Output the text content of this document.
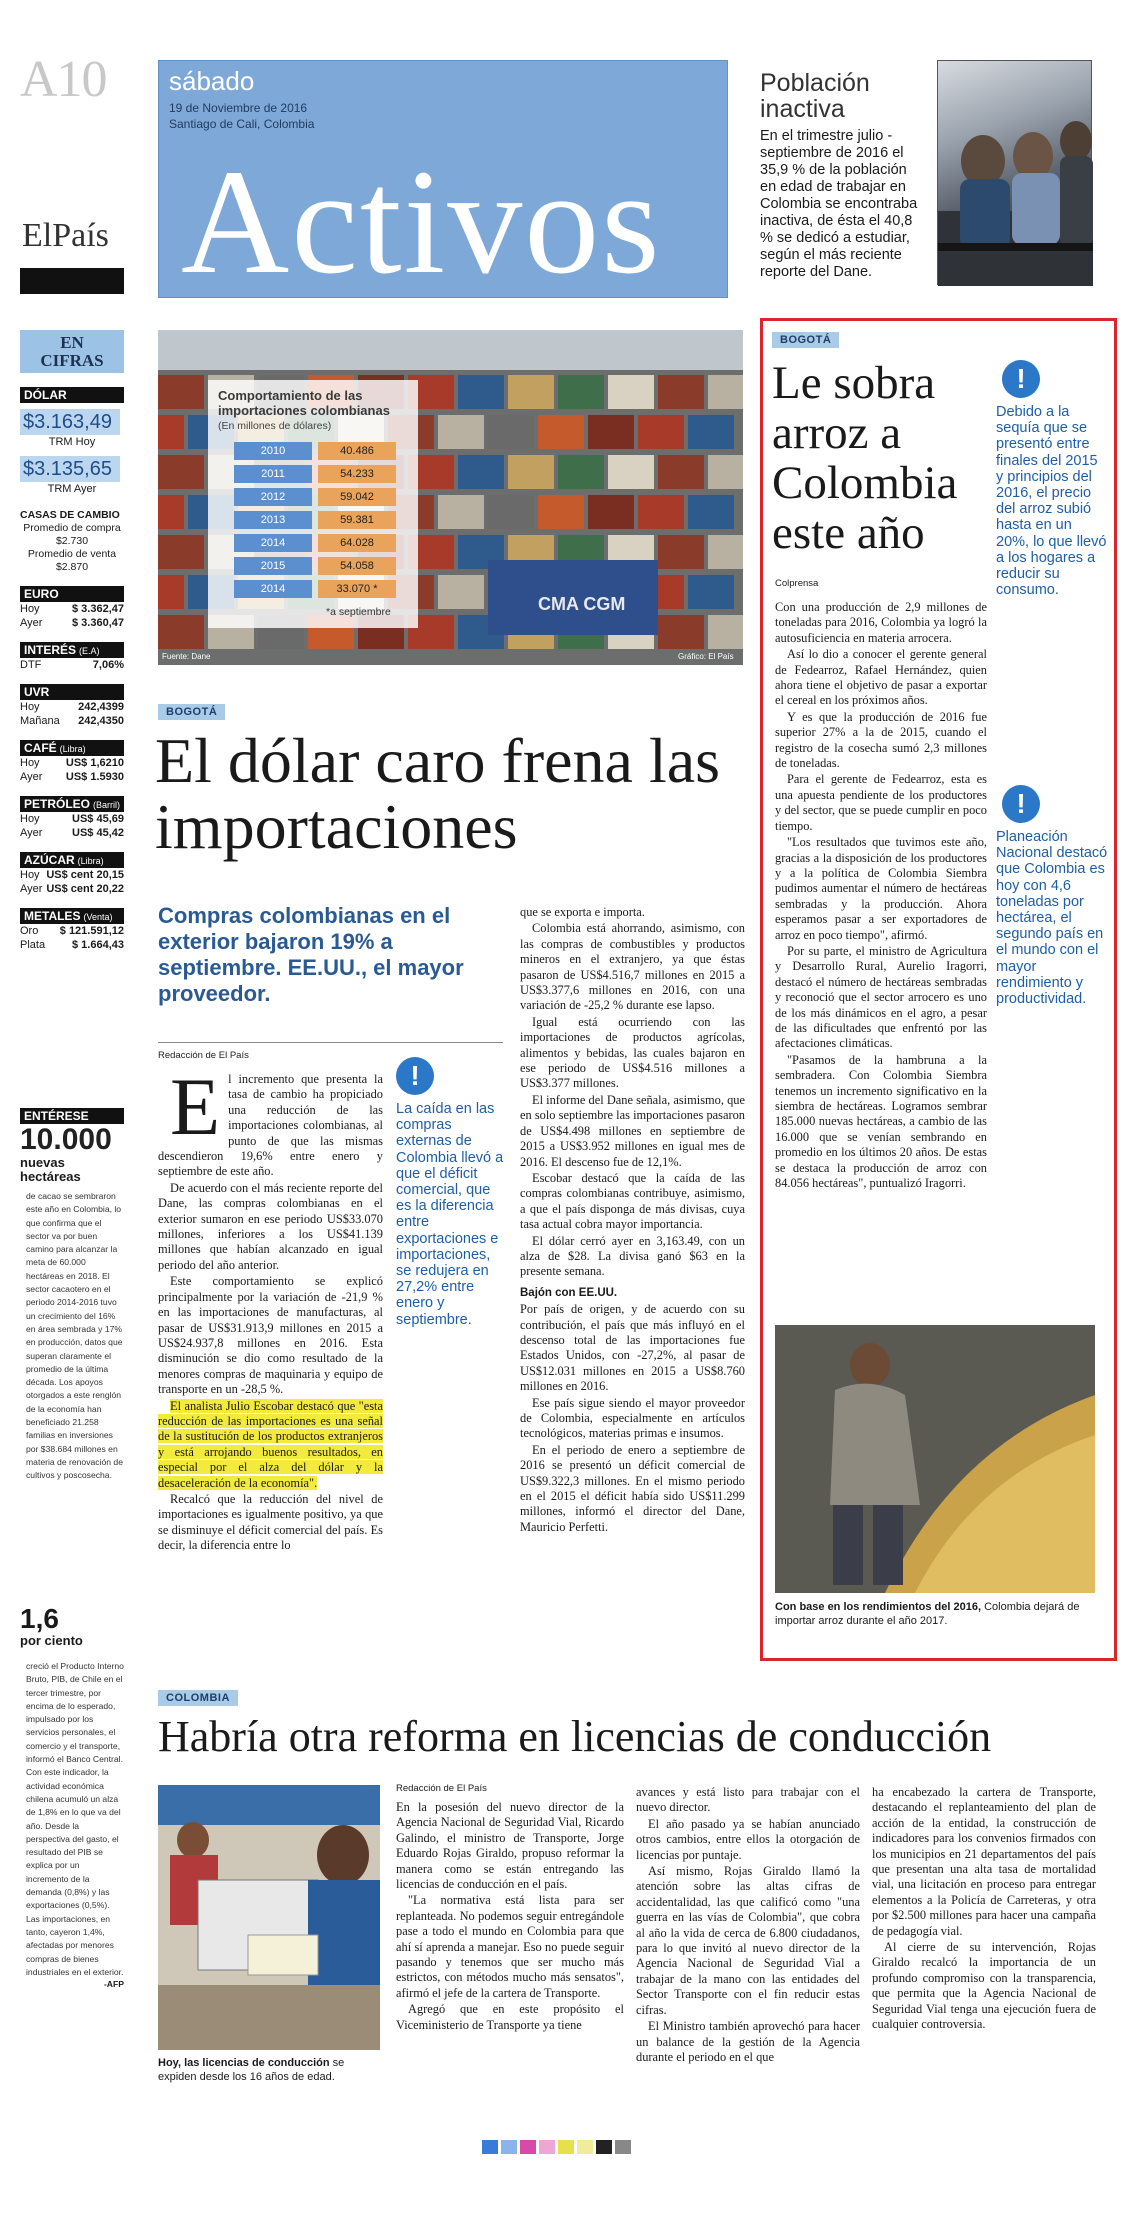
A10
ElPaís
sábado
19 de Noviembre de 2016
Santiago de Cali, Colombia
Activos
Población inactiva
En el trimestre julio - septiembre de 2016 el 35,9 % de la población en edad de trabajar en Colombia se encontraba inactiva, de ésta el 40,8 % se dedicó a estudiar, según el más reciente reporte del Dane.
EN
CIFRAS
DÓLAR
$3.163,49
TRM Hoy
$3.135,65
TRM Ayer
CASAS DE CAMBIO
Promedio de compra
$2.730
Promedio de venta
$2.870
EURO
Hoy	$ 3.362,47
Ayer	$ 3.360,47
INTERÉS (E.A)
DTF	7,06%
UVR
Hoy	242,4399
Mañana 242,4350
CAFÉ (Libra)
Hoy US$ 1,6210
Ayer US$ 1.5930
PETRÓLEO (Barril)
Hoy	US$ 45,69
Ayer	US$ 45,42
AZÚCAR (Libra)
Hoy US$ cent 20,15
Ayer US$ cent 20,22
METALES (Venta)
Oro $ 121.591,12
Plata $ 1.664,43
ENTÉRESE
10.000
nuevas hectáreas
de cacao se sembraron este año en Colombia, lo que confirma que el sector va por buen camino para alcanzar la meta de 60.000 hectáreas en 2018. El sector cacaotero en el periodo 2014-2016 tuvo un crecimiento del 16% en área sembrada y 17% en producción, datos que superan claramente el promedio de la última década. Los apoyos otorgados a este renglón de la economía han beneficiado 21.258 familias en inversiones por $38.684 millones en materia de renovación de cultivos y poscosecha.
1,6
por ciento
creció el Producto Interno Bruto, PIB, de Chile en el tercer trimestre, por encima de lo esperado, impulsado por los servicios personales, el comercio y el transporte, informó el Banco Central. Con este indicador, la actividad económica chilena acumuló un alza de 1,8% en lo que va del año. Desde la perspectiva del gasto, el resultado del PIB se explica por un incremento de la demanda (0,8%) y las exportaciones (0,5%). Las importaciones, en tanto, cayeron 1,4%, afectadas por menores compras de bienes industriales en el exterior.
-AFP
CMA CGM
Comportamiento de las importaciones colombianas
(En millones de dólares)
2010	40.486
2011	54.233
2012	59.042
2013	59.381
2014	64.028
2015	54.058
2014	33.070 *
*a septiembre
Fuente: Dane	Gráfico: El País
BOGOTÁ
El dólar caro frena las importaciones
Compras colombianas en el exterior bajaron 19% a septiembre. EE.UU., el mayor proveedor.
Redacción de El País

El incremento que presenta la tasa de cambio ha propiciado una reducción de las importaciones colombianas, al punto de que las mismas descendieron 19,6% entre enero y septiembre de este año.

De acuerdo con el más reciente reporte del Dane, las compras colombianas en el exterior sumaron en ese periodo US$33.070 millones, inferiores a los US$41.139 millones que habían alcanzado en igual periodo del año anterior.

Este comportamiento se explicó principalmente por la variación de -21,9 % en las importaciones de manufacturas, al pasar de US$31.913,9 millones en 2015 a US$24.937,8 millones en 2016. Esta disminución se dio como resultado de la menores compras de maquinaria y equipo de transporte en un -28,5 %.

El analista Julio Escobar destacó que "esta reducción de las importaciones es una señal de la sustitución de los productos extranjeros y está arrojando buenos resultados, en especial por el alza del dólar y la desaceleración de la economía".

Recalcó que la reducción del nivel de importaciones es igualmente positivo, ya que se disminuye el déficit comercial del país. Es decir, la diferencia entre lo

!
La caída en las compras externas de Colombia llevó a que el déficit comercial, que es la diferencia entre exportaciones e importaciones, se redujera en 27,2% entre enero y septiembre.

que se exporta e importa.

Colombia está ahorrando, asimismo, con las compras de combustibles y productos mineros en el extranjero, ya que éstas pasaron de US$4.516,7 millones en 2015 a US$3.377,6 millones en 2016, con una variación de -25,2 % durante ese lapso.

Igual está ocurriendo con las importaciones de productos agrícolas, alimentos y bebidas, las cuales bajaron en ese periodo de US$4.516 millones a US$3.377 millones.

El informe del Dane señala, asimismo, que en solo septiembre las importaciones pasaron de US$4.498 millones en septiembre de 2015 a US$3.952 millones en igual mes de 2016. El descenso fue de 12,1%.

Escobar destacó que la caída de las compras colombianas contribuye, asimismo, a que el país disponga de más divisas, cuya tasa actual cobra mayor importancia.

El dólar cerró ayer en 3,163.49, con un alza de $28. La divisa ganó $63 en la presente semana.

Bajón con EE.UU.

Por país de origen, y de acuerdo con su contribución, el país que más influyó en el descenso total de las importaciones fue Estados Unidos, con -27,2%, al pasar de US$12.031 millones en 2015 a US$8.760 millones en 2016.

Ese país sigue siendo el mayor proveedor de Colombia, especialmente en artículos tecnológicos, materias primas e insumos.

En el periodo de enero a septiembre de 2016 se presentó un déficit comercial de US$9.322,3 millones. En el mismo periodo en el 2015 el déficit había sido US$11.299 millones, informó el director del Dane, Mauricio Perfetti.

BOGOTÁ
Le sobra arroz a Colombia este año
Colprensa
!
Debido a la sequía que se presentó entre finales del 2015 y principios del 2016, el precio del arroz subió hasta en un 20%, lo que llevó a los hogares a reducir su consumo.
!
Planeación Nacional destacó que Colombia es hoy con 4,6 toneladas por hectárea, el segundo país en el mundo con el mayor rendimiento y productividad.

Con una producción de 2,9 millones de toneladas para 2016, Colombia ya logró la autosuficiencia en materia arrocera.

Así lo dio a conocer el gerente general de Fedearroz, Rafael Hernández, quien ahora tiene el objetivo de pasar a exportar el cereal en los próximos años.

Y es que la producción de 2016 fue superior 27% a la de 2015, cuando el registro de la cosecha sumó 2,3 millones de toneladas.

Para el gerente de Fedearroz, esta es una apuesta pendiente de los productores y del sector, que se puede cumplir en poco tiempo.

"Los resultados que tuvimos este año, gracias a la disposición de los productores y a la política de Colombia Siembra pudimos aumentar el número de hectáreas sembradas y la producción. Ahora esperamos pasar a ser exportadores de arroz en poco tiempo", afirmó.

Por su parte, el ministro de Agricultura y Desarrollo Rural, Aurelio Iragorri, destacó el número de hectáreas sembradas y reconoció que el sector arrocero es uno de los más dinámicos en el agro, a pesar de las dificultades que enfrentó por las afectaciones climáticas.

"Pasamos de la hambruna a la sembradera. Con Colombia Siembra tenemos un incremento significativo en la siembra de hectáreas. Logramos sembrar 185.000 nuevas hectáreas, a cambio de las 16.000 que se venían sembrando en promedio en los últimos 20 años. De estas se destaca la producción de arroz con 84.056 hectáreas", puntualizó Iragorri.

Con base en los rendimientos del 2016, Colombia dejará de importar arroz durante el año 2017.
COLOMBIA
Habría otra reforma en licencias de conducción
Hoy, las licencias de conducción se expiden desde los 16 años de edad.
Redacción de El País

En la posesión del nuevo director de la Agencia Nacional de Seguridad Vial, Ricardo Galindo, el ministro de Transporte, Jorge Eduardo Rojas Giraldo, propuso reformar la manera como se están entregando las licencias de conducción en el país.

"La normativa está lista para ser replanteada. No podemos seguir entregándole pase a todo el mundo en Colombia para que ahí sí aprenda a manejar. Eso no puede seguir pasando y tenemos que ser mucho más estrictos, con métodos mucho más sensatos", afirmó el jefe de la cartera de Transporte.

Agregó que en este propósito el Viceministerio de Transporte ya tiene

avances y está listo para trabajar con el nuevo director.

El año pasado ya se habían anunciado otros cambios, entre ellos la otorgación de licencias por puntaje.

Así mismo, Rojas Giraldo llamó la atención sobre las altas cifras de accidentalidad, las que calificó como "una guerra en las vías de Colombia", que cobra al año la vida de cerca de 6.800 ciudadanos, para lo que invitó al nuevo director de la Agencia Nacional de Seguridad Vial a trabajar de la mano con las entidades del Sector Transporte con el fin reducir estas cifras.

El Ministro también aprovechó para hacer un balance de la gestión de la Agencia durante el periodo en el que

ha encabezado la cartera de Transporte, destacando el replanteamiento del plan de acción de la entidad, la construcción de indicadores para los convenios firmados con los municipios en 21 departamentos del país que presentan una alta tasa de mortalidad vial, una licitación en proceso para entregar elementos a la Policía de Carreteras, y otra por $2.500 millones para hacer una campaña de pedagogía vial.

Al cierre de su intervención, Rojas Giraldo recalcó la importancia de un profundo compromiso con la transparencia, que permita que la Agencia Nacional de Seguridad Vial tenga una ejecución fuera de cualquier controversia.
